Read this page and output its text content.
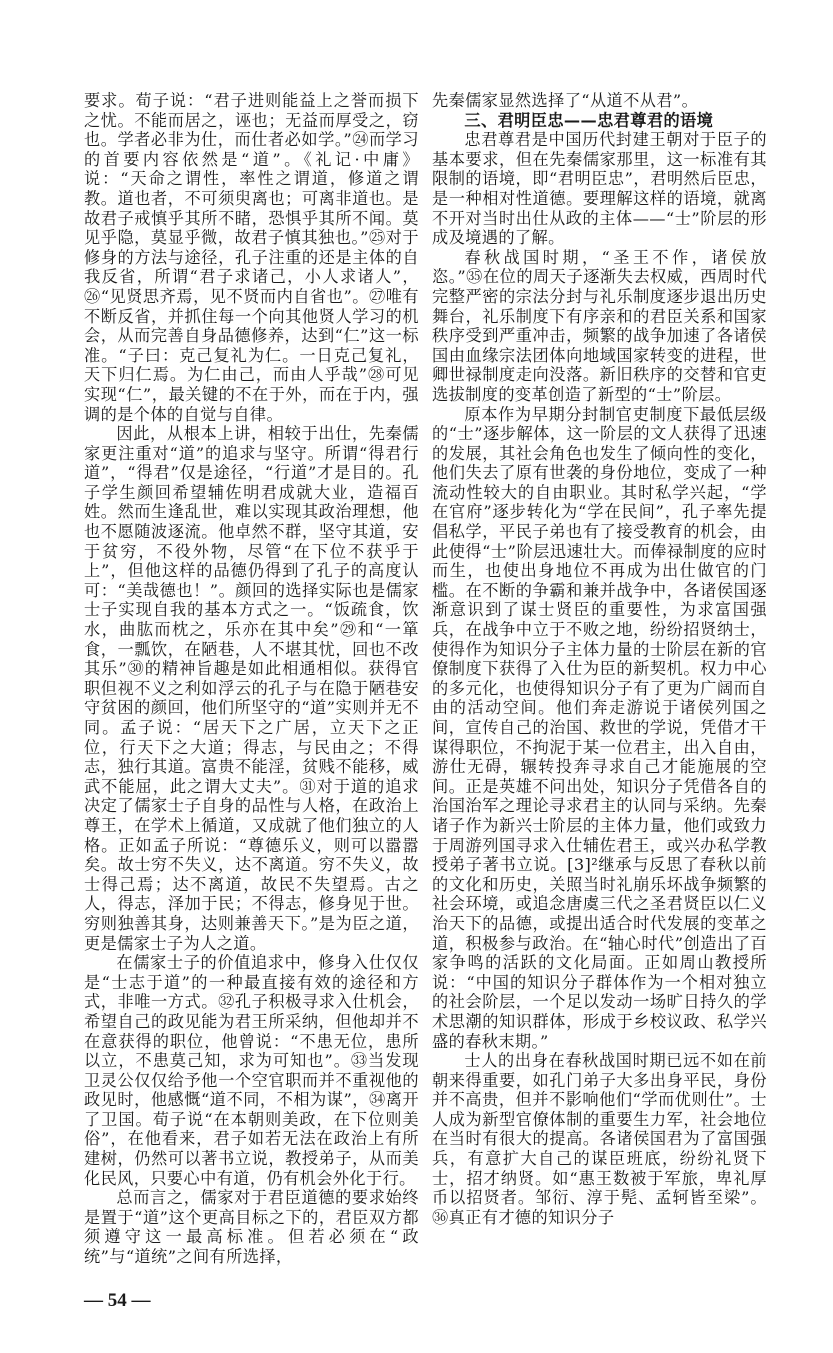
要求。荀子说：“君子进则能益上之誉而损下之忧。不能而居之，诬也；无益而厚受之，窃也。学者必非为仕，而仕者必如学。”㉔而学习的首要内容依然是“道”。《礼记·中庸》说：“天命之谓性，率性之谓道，修道之谓教。道也者，不可须臾离也；可离非道也。是故君子戒慎乎其所不睹，恐惧乎其所不闻。莫见乎隐，莫显乎微，故君子慎其独也。”㉕对于修身的方法与途径，孔子注重的还是主体的自我反省，所谓“君子求诸己，小人求诸人”，㉖“见贤思齐焉，见不贤而内自省也”。㉗唯有不断反省，并抓住每一个向其他贤人学习的机会，从而完善自身品德修养，达到“仁”这一标准。“子曰：克己复礼为仁。一日克己复礼，天下归仁焉。为仁由己，而由人乎哉”㉘可见实现“仁”，最关键的不在于外，而在于内，强调的是个体的自觉与自律。

因此，从根本上讲，相较于出仕，先秦儒家更注重对“道”的追求与坚守。所谓“得君行道”，“得君”仅是途径，“行道”才是目的。孔子学生颜回希望辅佐明君成就大业，造福百姓。然而生逢乱世，难以实现其政治理想，他也不愿随波逐流。他卓然不群，坚守其道，安于贫穷，不役外物，尽管“在下位不获乎于上”，但他这样的品德仍得到了孔子的高度认可：“美哉德也！”。颜回的选择实际也是儒家士子实现自我的基本方式之一。“饭疏食，饮水，曲肱而枕之，乐亦在其中矣”㉙和“一箪食，一瓢饮，在陋巷，人不堪其忧，回也不改其乐”㉚的精神旨趣是如此相通相似。获得官职但视不义之利如浮云的孔子与在隐于陋巷安守贫困的颜回，他们所坚守的“道”实则并无不同。孟子说：“居天下之广居，立天下之正位，行天下之大道；得志，与民由之；不得志，独行其道。富贵不能淫，贫贱不能移，威武不能屈，此之谓大丈夫”。㉛对于道的追求决定了儒家士子自身的品性与人格，在政治上尊王，在学术上循道，又成就了他们独立的人格。正如孟子所说：“尊德乐义，则可以嚣嚣矣。故士穷不失义，达不离道。穷不失义，故士得己焉；达不离道，故民不失望焉。古之人，得志，泽加于民；不得志，修身见于世。穷则独善其身，达则兼善天下。”是为臣之道，更是儒家士子为人之道。

在儒家士子的价值追求中，修身入仕仅仅是“士志于道”的一种最直接有效的途径和方式，非唯一方式。㉜孔子积极寻求入仕机会，希望自己的政见能为君王所采纳，但他却并不在意获得的职位，他曾说：“不患无位，患所以立，不患莫己知，求为可知也”。㉝当发现卫灵公仅仅给予他一个空官职而并不重视他的政见时，他感慨“道不同，不相为谋”，㉞离开了卫国。荀子说“在本朝则美政，在下位则美俗”，在他看来，君子如若无法在政治上有所建树，仍然可以著书立说，教授弟子，从而美化民风，只要心中有道，仍有机会外化于行。

总而言之，儒家对于君臣道德的要求始终是置于“道”这个更高目标之下的，君臣双方都须遵守这一最高标准。但若必须在“政统”与“道统”之间有所选择，

— 54 —

先秦儒家显然选择了“从道不从君”。

三、君明臣忠——忠君尊君的语境

忠君尊君是中国历代封建王朝对于臣子的基本要求，但在先秦儒家那里，这一标准有其限制的语境，即“君明臣忠”，君明然后臣忠，是一种相对性道德。要理解这样的语境，就离不开对当时出仕从政的主体——“士”阶层的形成及境遇的了解。

春秋战国时期，“圣王不作，诸侯放恣。”㉟在位的周天子逐渐失去权威，西周时代完整严密的宗法分封与礼乐制度逐步退出历史舞台，礼乐制度下有序亲和的君臣关系和国家秩序受到严重冲击，频繁的战争加速了各诸侯国由血缘宗法团体向地域国家转变的进程，世卿世禄制度走向没落。新旧秩序的交替和官吏选拔制度的变革创造了新型的“士”阶层。

原本作为早期分封制官吏制度下最低层级的“士”逐步解体，这一阶层的文人获得了迅速的发展，其社会角色也发生了倾向性的变化，他们失去了原有世袭的身份地位，变成了一种流动性较大的自由职业。其时私学兴起，“学在官府”逐步转化为“学在民间”，孔子率先提倡私学，平民子弟也有了接受教育的机会，由此使得“士”阶层迅速壮大。而俸禄制度的应时而生，也使出身地位不再成为出仕做官的门槛。在不断的争霸和兼并战争中，各诸侯国逐渐意识到了谋士贤臣的重要性，为求富国强兵，在战争中立于不败之地，纷纷招贤纳士，使得作为知识分子主体力量的士阶层在新的官僚制度下获得了入仕为臣的新契机。权力中心的多元化，也使得知识分子有了更为广阔而自由的活动空间。他们奔走游说于诸侯列国之间，宣传自己的治国、救世的学说，凭借才干谋得职位，不拘泥于某一位君主，出入自由，游仕无碍，辗转投奔寻求自己才能施展的空间。正是英雄不问出处，知识分子凭借各自的治国治军之理论寻求君主的认同与采纳。先秦诸子作为新兴士阶层的主体力量，他们或致力于周游列国寻求入仕辅佐君王，或兴办私学教授弟子著书立说。[3]²继承与反思了春秋以前的文化和历史，关照当时礼崩乐坏战争频繁的社会环境，或追念唐虞三代之圣君贤臣以仁义治天下的品德，或提出适合时代发展的变革之道，积极参与政治。在“轴心时代”创造出了百家争鸣的活跃的文化局面。正如周山教授所说：“中国的知识分子群体作为一个相对独立的社会阶层，一个足以发动一场旷日持久的学术思潮的知识群体，形成于乡校议政、私学兴盛的春秋末期。”

士人的出身在春秋战国时期已远不如在前朝来得重要，如孔门弟子大多出身平民，身份并不高贵，但并不影响他们“学而优则仕”。士人成为新型官僚体制的重要生力军，社会地位在当时有很大的提高。各诸侯国君为了富国强兵，有意扩大自己的谋臣班底，纷纷礼贤下士，招才纳贤。如“惠王数被于军旅，卑礼厚币以招贤者。邹衍、淳于髡、孟轲皆至梁”。㊱真正有才德的知识分子
